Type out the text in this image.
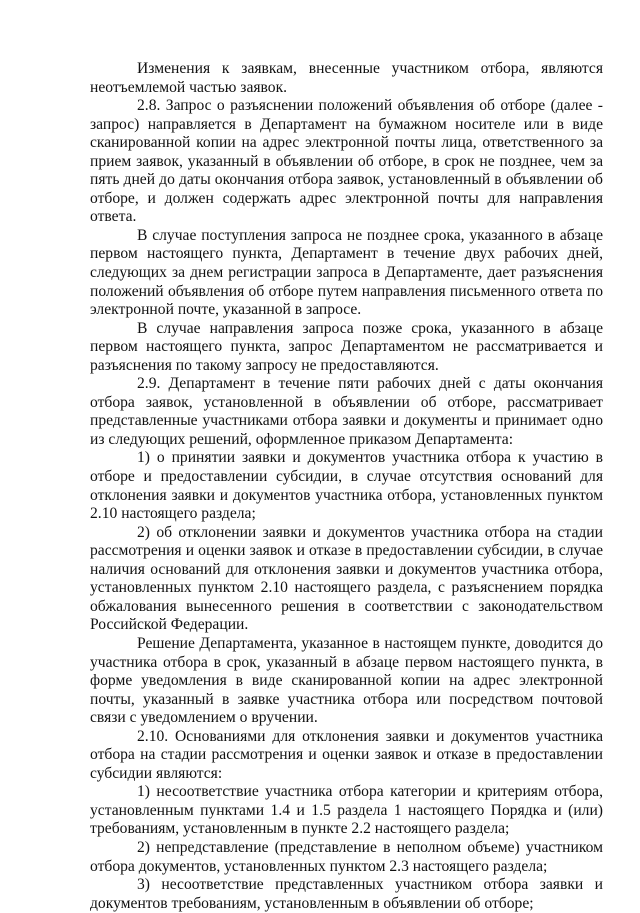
Изменения к заявкам, внесенные участником отбора, являются неотъемлемой частью заявок.

2.8. Запрос о разъяснении положений объявления об отборе (далее - запрос) направляется в Департамент на бумажном носителе или в виде сканированной копии на адрес электронной почты лица, ответственного за прием заявок, указанный в объявлении об отборе, в срок не позднее, чем за пять дней до даты окончания отбора заявок, установленный в объявлении об отборе, и должен содержать адрес электронной почты для направления ответа.

В случае поступления запроса не позднее срока, указанного в абзаце первом настоящего пункта, Департамент в течение двух рабочих дней, следующих за днем регистрации запроса в Департаменте, дает разъяснения положений объявления об отборе путем направления письменного ответа по электронной почте, указанной в запросе.

В случае направления запроса позже срока, указанного в абзаце первом настоящего пункта, запрос Департаментом не рассматривается и разъяснения по такому запросу не предоставляются.

2.9. Департамент в течение пяти рабочих дней с даты окончания отбора заявок, установленной в объявлении об отборе, рассматривает представленные участниками отбора заявки и документы и принимает одно из следующих решений, оформленное приказом Департамента:

1) о принятии заявки и документов участника отбора к участию в отборе и предоставлении субсидии, в случае отсутствия оснований для отклонения заявки и документов участника отбора, установленных пунктом 2.10 настоящего раздела;

2) об отклонении заявки и документов участника отбора на стадии рассмотрения и оценки заявок и отказе в предоставлении субсидии, в случае наличия оснований для отклонения заявки и документов участника отбора, установленных пунктом 2.10 настоящего раздела, с разъяснением порядка обжалования вынесенного решения в соответствии с законодательством Российской Федерации.

Решение Департамента, указанное в настоящем пункте, доводится до участника отбора в срок, указанный в абзаце первом настоящего пункта, в форме уведомления в виде сканированной копии на адрес электронной почты, указанный в заявке участника отбора или посредством почтовой связи с уведомлением о вручении.

2.10. Основаниями для отклонения заявки и документов участника отбора на стадии рассмотрения и оценки заявок и отказе в предоставлении субсидии являются:

1) несоответствие участника отбора категории и критериям отбора, установленным пунктами 1.4 и 1.5 раздела 1 настоящего Порядка и (или) требованиям, установленным в пункте 2.2 настоящего раздела;

2) непредставление (представление в неполном объеме) участником отбора документов, установленных пунктом 2.3 настоящего раздела;

3) несоответствие представленных участником отбора заявки и документов требованиям, установленным в объявлении об отборе;
